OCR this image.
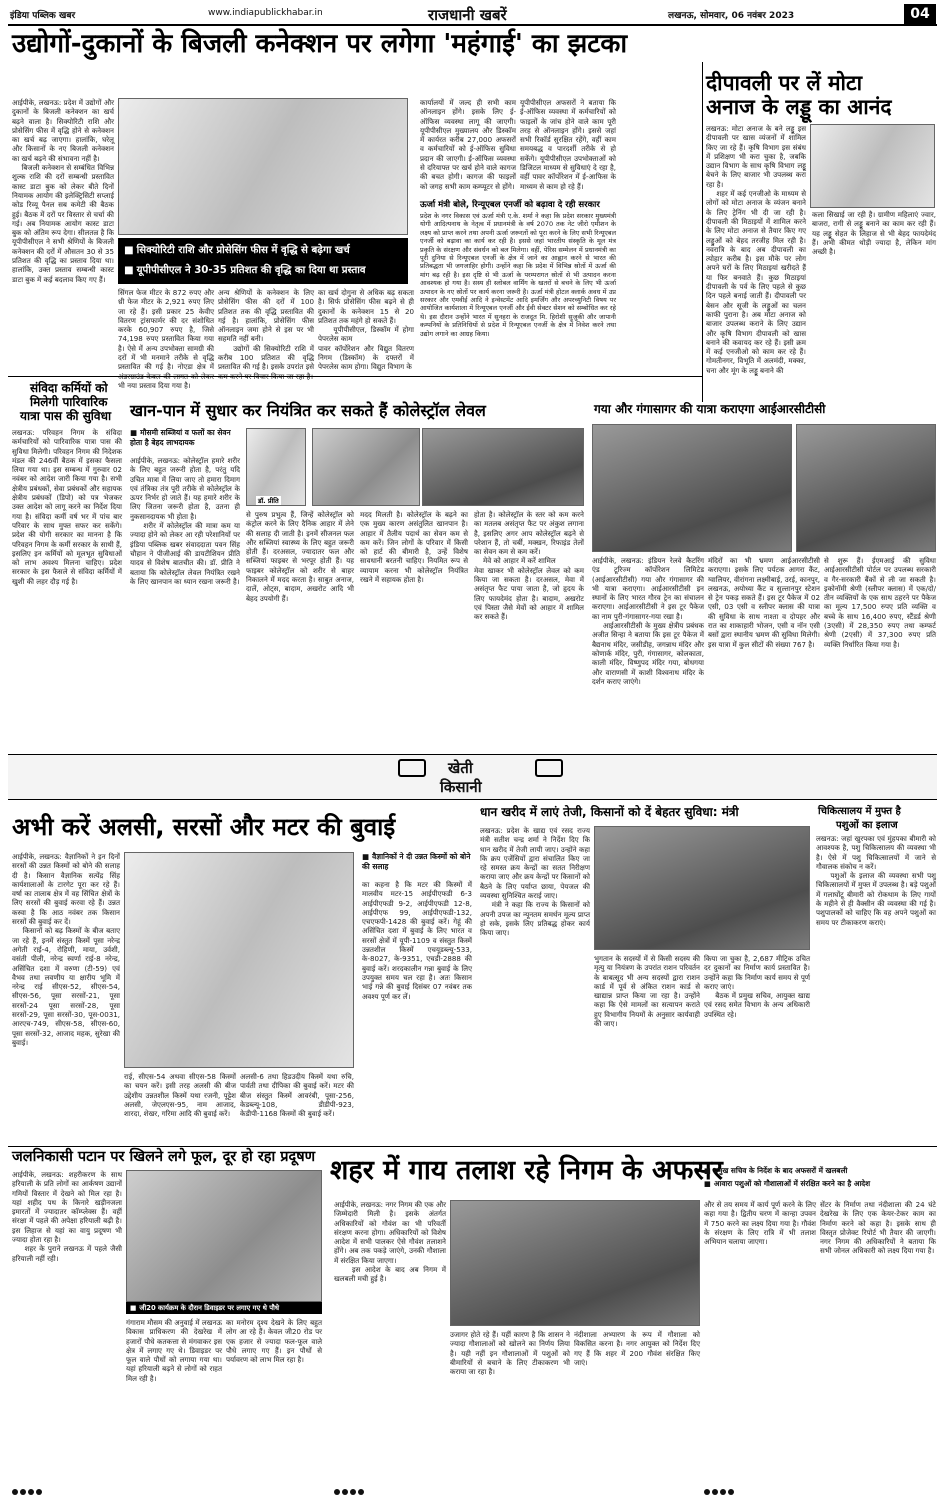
इंडिया पब्लिक खबर	www.indiapublickhabar.in	राजधानी खबरें	लखनऊ, सोमवार, 06 नवंबर 2023	04
उद्योगों-दुकानों के बिजली कनेक्शन पर लगेगा 'महंगाई' का झटका
आईपीके, लखनऊ: प्रदेश में उद्योगों और दुकानों के बिजली कनेक्शन का खर्च बढ़ने वाला है। सिक्योरिटी राशि और प्रोसेसिंग फीस में वृद्धि होने से कनेक्शन का खर्च बढ़ जाएगा। हालांकि, घरेलू और किसानों के नए बिजली कनेक्शन का खर्च बढ़ने की संभावना नहीं है।
बिजली कनेक्शन से सम्बंधित विभिन्न शुल्क राशि की दरों सम्बन्धी प्रस्तावित कास्ट डाटा बुक को लेकर बीते दिनों नियामक आयोग की इलेक्ट्रिसिटी सप्लाई कोड रिव्यू पैनल सब कमेटी की बैठक हुई। बैठक में दरों पर विस्तार से चर्चा की गई। अब नियामक आयोग कास्ट डाटा बुक को अंतिम रूप देगा। सीलतल्र है कि यूपीपीसीएल ने सभी श्रेणियों के बिजली कनेक्शन की दरों में औसतन 30 से 35 प्रतिशत की वृद्धि का प्रस्ताव दिया था। हालांकि, उक्त प्रस्ताव सम्बन्धी कास्ट डाटा बुक में कई बदलाव किए गए हैं।
■ सिक्योरिटी राशि और प्रोसेसिंग फीस में वृद्धि से बढ़ेगा खर्च
■ यूपीपीसीएल ने 30-35 प्रतिशत की वृद्धि का दिया था प्रस्ताव
सिंगल फेज मीटर के 872 रुपए और थ्री फेज मीटर के 2,921 रुपए लिए जा रहे हैं। इसी प्रकार 25 केवीए वितरण ट्रांसफार्मर की दर संशोधित करके 60,907 रुपए है, जिसे 74,198 रुपए प्रस्तावित किया गया है। ऐसे में अन्य उपभोक्ता सामग्री की दरों में भी मनमाने तरीके से वृद्धि प्रस्तावित की गई है। नोएडा क्षेत्र में       भी नया प्रस्ताव दिया गया है।
अन्य श्रेणियों के कनेक्शन के लिए प्रोसेसिंग फीस की दरों में 100 प्रतिशत तक की वृद्धि प्रस्तावित की गई है। हालांकि, प्रोसेसिंग फीस ऑनलाइन जमा होने से इस पर भी सहमति नहीं बनी।
उद्योगों की सिक्योरिटी राशि में करीब 100 प्रतिशत की वृद्धि प्रस्तावित की गई है। इसके उपरांत इसे
का खर्च दोगुना से अधिक बढ़ सकता है। सिर्फ प्रोसेसिंग फीस बढ़ने से ही दुकानों के कनेक्शन 15 से 20 प्रतिशत तक महंगे हो सकते हैं।
यूपीपीसीएल, डिस्कॉम में होगा पेपरलेस काम
पावर कॉर्पोरेशन और विद्युत वितरण निगम (डिस्कॉम) के दफ्तरों में पेपरलेस काम होगा। विद्युत विभाग के
कार्यालयों में जल्द ही सभी काम ऑनलाइन होंगे। इसके लिए ई-ऑफिस व्यवस्था लागू की जाएगी। यूपीपीसीएल मुख्यालय और डिस्कॉम में कार्यरत करीब 27,000 अफसरों व कर्मचारियों को ई-ऑफिस सुविधा प्रदान की जाएगी। ई-ऑफिस व्यवस्था से दरियाफ्त पर खर्च होने वाले कागज की बचत होगी। कागज की फाइलों को जगह सभी काम कम्प्यूटर से होंगे।
यूपीपीसीएल अफसरों ने बताया कि ई-ऑफिस व्यवस्था में कर्मचारियों को फाइलों के जांच होने वाले काम पूरी तरह से ऑनलाइन होंगे। इससे जहां सभी रिकॉर्ड सुरक्षित रहेंगे, वहीं काम समयबद्ध व पारदर्शी तरीके से हो सकेंगे। यूपीपीसीएल उपभोक्ताओं को डिजिटल माध्यम से सुविधाएं दे रहा है, वहीं पावर कॉर्पोरेशन में ई-आफिस के माध्यम से काम हो रहे हैं।
ऊर्जा मंत्री बोले, रिन्यूएबल एनर्जी को बढ़ावा दे रही सरकार
प्रदेश के नगर विकास एवं ऊर्जा मंत्री ए.के. शर्मा ने कहा कि प्रदेश सरकार मुख्यमंत्री योगी आदित्यनाथ के नेतृत्व में प्रधानमंत्री के वर्ष 2070 तक नेट जीरो एमीशन के लक्ष्य को प्राप्त करने तथा अपनी ऊर्जा जरूरतों को पूरा करने के लिए सभी रिन्यूएबल एनर्जी को बढ़ावा का कार्य कर रही है। इससे जहां भारतीय संस्कृति के मूल मंत्र प्रकृति के संरक्षण और संवर्धन को बल मिलेगा। वहीं, पेरिस सम्मेलन में प्रधानमंत्री का पूरी दुनिया से रिन्यूएबल एनर्जी के क्षेत्र में जाने का आह्वान करने से भारत की प्रतिबद्धता भी जगजाहिर होगी। उन्होंने कहा कि प्रदेश में विभिन्न स्रोतों में ऊर्जा की मांग बढ़ रही है। इस दृष्टि से भी ऊर्जा के परम्परागत स्रोतों से भी उत्पादन करना आवश्यक हो गया है। सस्य ही स्लोबल वार्मिंग के खतरों से बचने के लिए भी ऊर्जा उत्पादन के नए स्रोतों पर कार्य करना जरूरी है। ऊर्जा मंत्री होटल क्लार्क अवध में उप्र सरकार और एमवीई आदि ने इन्वेस्टमेंट आदि इमर्जिंग और अपरच्युनिटी विषय पर आयोजित कार्यशाला में रिन्यूएबल एनर्जी और ईवी सेक्टर सेशन को सम्बोधित कर रहे थे। इस दौरान उन्होंने भारत में सुनहरा के राजदूत मि. हिरोशी सुजुकी और जापानी कम्पनियों के प्रतिनिधियों से प्रदेश में रिन्यूएबल एनर्जी के क्षेत्र में निवेश करने तथा उद्योग लगाने का आग्रह किया।
दीपावली पर लें मोटा
अनाज के लड्डू का आनंद
लखनऊ: मोटा अनाज के बने लड्डू इस दीपावली पर खास व्यंजनों में शामिल किए जा रहे हैं। कृषि विभाग इस संबंध में प्रशिक्षण भी करा चुका है, जबकि उद्यान विभाग के साथ कृषि विभाग लड्डू बेचने के लिए बाजार भी उपलब्ध करा रहा है।
शहर में कई एनजीओ के माध्यम से लोगों को मोटा अनाज के व्यंजन बनाने के लिए ट्रेनिंग भी दी जा रही है। दीपावली की मिठाइयों में शामिल करने के लिए मोटा अनाज से तैयार किए गए लड्डुओं को बेहद तरजीह मिल रही है। नवरात्रि के बाद अब दीपावली का त्योहार करीब है। इस मौके पर लोग अपने घरों के लिए मिठाइयां खरीदते हैं या फिर बनवाते हैं। कुछ मिठाइयां दीपावली के पर्व के लिए पहले से कुछ दिन पहले बनाई जाती हैं। दीपावली पर बेसन और सूजी के लड्डुओं का चलन काफी पुराना है। अब मोटा अनाज को बाजार उपलब्ध कराने के लिए उद्यान और कृषि विभाग दीपावली को खास बनाने की कवायद कर रहे हैं। इसी क्रम में कई एनजीओ को काम कर रहे हैं। गोमतीनगर, विभूति में अलमंदी, मक्का, चना और मूंग के लड्डू बनाने की
कला सिखाई जा रही है। ग्रामीण महिलाएं ज्वार, बाजरा, रागी से लड्डू बनाने का काम कर रही हैं। यह लड्डू सेहत के लिहाज से भी बेहद फायदेमंद हैं। अभी कीमत थोड़ी ज्यादा है, लेकिन मांग अच्छी है।
संविदा कर्मियों को
मिलेगी पारिवारिक
यात्रा पास की सुविधा
लखनऊ: परिवहन निगम के संविदा कर्मचारियों को पारिवारिक यात्रा पास की सुविधा मिलेगी। परिवहन निगम की निदेशक मंडल की 246वीं बैठक में इसका फैसला लिया गया था। इस सम्बन्ध में गुरुवार 02 नवंबर को आदेश जारी किया गया है। सभी क्षेत्रीय प्रबंधकों, सेवा प्रबंधकों और सहायक क्षेत्रीय प्रबंधकों (डिपो) को पत्र भेजकर उक्त आदेश को लागू करने का निर्देश दिया गया है। संविदा कर्मी वर्ष भर में पांच बार परिवार के साथ मुफ्त सफर कर सकेंगे। प्रदेश की योगी सरकार का मानना है कि परिवहन निगम के कर्मी सरकार के साथी हैं, इसलिए इन कर्मियों को मूलभूत सुविधाओं को लाभ अवश्य मिलना चाहिए। प्रदेश सरकार के इस फैसले से संविदा कर्मियों में खुशी की लहर दौड़ गई है।
खान-पान में सुधार कर नियंत्रित कर सकते हैं कोलेस्ट्रॉल लेवल
■ मौसमी सब्जियां व फलों का सेवन होता है बेहद लाभदायक
डॉ. प्रीति
आईपीके, लखनऊ: कोलेस्ट्रॉल हमारे शरीर के लिए बहुत जरूरी होता है, परंतु यदि उचित मात्रा में लिया जाए तो हमारा दिमाग एवं तंत्रिका तंत्र पूरी तरीके से कोलेस्ट्रॉल के ऊपर निर्भर हो जाते हैं। यह हमारे शरीर के लिए जितना जरूरी होता है, उतना ही नुकसानदायक भी होता है।
शरीर में कोलेस्ट्रॉल की मात्रा कम या ज्यादा होने को लेकर आ रही परेशानियों पर इंडिया पब्लिक खबर संवाददाता पवन सिंह चौहान ने पीजीआई की डायटीशियन प्रीति यादव से विशेष बातचीत की। डॉ. प्रीति ने बताया कि कोलेस्ट्रॉल लेवल नियंत्रित रखने के लिए खानपान का ध्यान रखना जरूरी है।
से पुरुष प्रभुत्व हैं, जिन्हें कोलेस्ट्रॉल को कंट्रोल करने के लिए दैनिक आहार में लेने की सलाह दी जाती है। इनमें सीजनल फल और सब्जियां स्वास्थ्य के लिए बहुत जरूरी होती हैं। दरअसल, ज्यादातर फल और सब्जियां फाइबर से भरपूर होती हैं। यह फाइबर कोलेस्ट्रॉल को शरीर से बाहर निकालने में मदद करता है। साबुत अनाज, दालें, ओट्स, बादाम, अखरोट आदि भी बेहद उपयोगी हैं।
मदद मिलती है। कोलेस्ट्रॉल के बढ़ने का एक मुख्य कारण असंतुलित खानपान है। आहार में तैलीय पदार्थ का सेवन कम से कम करें। जिन लोगों के परिवार में किसी को हार्ट की बीमारी है, उन्हें विशेष सावधानी बरतनी चाहिए। नियमित रूप से व्यायाम करना भी कोलेस्ट्रॉल नियंत्रित रखने में सहायक होता है।
होता है। कोलेस्ट्रॉल के स्तर को कम करने का मतलब असंतृप्त फैट पर अंकुश लगाना है, इसलिए अगर आप कोलेस्ट्रॉल बढ़ने से परेशान हैं, तो चर्बी, मक्खन, रिफाइंड तेलों का सेवन कम से कम करें।
मेवे को आहार में करें शामिल
मेवा खाकर भी कोलेस्ट्रॉल लेवल को कम किया जा सकता है। दरअसल, मेवा में असंतृप्त फैट पाया जाता है, जो हृदय के लिए फायदेमंद होता है। बादाम, अखरोट एवं पिस्ता जैसे मेवों को आहार में शामिल कर सकते हैं।
गया और गंगासागर की यात्रा कराएगा आईआरसीटीसी
आईपीके, लखनऊ: इंडियन रेलवे कैटरिंग एंड टूरिज्म कॉर्पोरेशन लिमिटेड (आईआरसीटीसी) गया और गंगासागर की भी यात्रा कराएगा। आईआरसीटीसी इन स्थानों के लिए भारत गौरव ट्रेन का संचालन कराएगा। आईआरसीटीसी ने इस टूर पैकेज का नाम पुरी-गंगासागर-गया रखा है।
आईआरसीटीसी के मुख्य क्षेत्रीय प्रबंधक अजीत सिन्हा ने बताया कि इस टूर पैकेज में बैद्यनाथ मंदिर, जसीडीह, जगन्नाथ मंदिर और कोणार्क मंदिर, पुरी, गंगासागर, कोलकाता, काली मंदिर, विष्णुपद मंदिर गया, बोधगया और वाराणसी में काशी विश्वनाथ मंदिर के दर्शन कराए जाएंगे।
मंदिरों का भी भ्रमण आईआरसीटीसी कराएगा। इसके लिए पर्यटक आगरा कैंट, ग्वालियर, वीरांगना लक्ष्मीबाई, उरई, कानपुर, लखनऊ, अयोध्या कैंट व सुल्तानपुर स्टेशन से ट्रेन पकड़ सकते हैं। इस टूर पैकेज में 02 एसी, 03 एसी व स्लीपर क्लास की यात्रा की सुविधा के साथ नाश्ता व दोपहर और रात का शाकाहारी भोजन, एसी व नॉन एसी बसों द्वारा स्थानीय भ्रमण की सुविधा मिलेगी। इस यात्रा में कुल सीटों की संख्या 767 है।
से शुरू हैं। ईएमआई की सुविधा आईआरसीटीसी पोर्टल पर उपलब्ध सरकारी व गैर-सरकारी बैंकों से ली जा सकती है। इकोनॉमी श्रेणी (स्लीपर क्लास) में एक/दो/तीन व्यक्तियों के एक साथ ठहरने पर पैकेज का मूल्य 17,500 रुपए प्रति व्यक्ति व बच्चे के साथ 16,400 रुपए, स्टैंडर्ड श्रेणी (3एसी) में 28,350 रुपए तथा कम्फर्ट श्रेणी (2एसी) में 37,300 रुपए प्रति व्यक्ति निर्धारित किया गया है।
खेती
किसानी
अभी करें अलसी, सरसों और मटर की बुवाई
आईपीके, लखनऊ: वैज्ञानिकों ने इन दिनों सरसों की उन्नत किस्मों को बोने की सलाह दी है। किसान वैज्ञानिक सत्येंद्र सिंह कार्यशालाओं के टारगेट पूरा कर रहे हैं। वर्षा का तालाब क्षेत्र में वह सिंचित क्षेत्रों के लिए सरसों की बुवाई करवा रहे हैं। उन्नत कस्वा है कि आठ नवंबर तक किसान सरसों की बुवाई कर दें।
किसानों को बढ़ किस्मों के बीज बताए जा रहे हैं, इनमें संस्तुत किस्में पूसा नरेन्द्र अगेती राई-4, रोहिणी, माया, उर्वशी, वसंती पीली, नरेन्द्र स्वर्णा राई-8 नरेन्द्र, असिंचित दशा में वरुणा (टी-59) एवं वैभव तथा लवणीय या क्षारीय भूमि में नरेन्द्र राई सीएस-52, सीएस-54, सीएस-56, पूसा सरसों-21, पूसा सरसों-24 पूसा सरसों-28, पूसा सरसों-29, पूसा सरसों-30, पूस-0031, आरएच-749, सीएस-58, सीएस-60, पूसा सरसों-32, आजाद महक, सुरेखा की बुवाई।
■ वैज्ञानिकों ने दी उन्नत किस्मों को बोने की सलाह
का कहना है कि मटर की किस्मों में मालवीय मटर-15 आईपीएफडी 6-3 आईपीएफडी 9-2, आईपीएफडी 12-8, आईपीएफ 99, आईपीएफडी-132, एचएफपी-1428 की बुवाई करें। गेहूं की असिंचित दशा में बुवाई के लिए भारत व सरसों क्षेत्रों में यूपी-1109 व संस्तुत किस्में उन्नतशील किस्में एचयूडब्ल्यू-533, के-8027, के-9351, एचडी-2888 की बुवाई करें। शरदकालीन गन्ना बुवाई के लिए उपयुक्त समय चल रहा है। अतः किसान भाई गन्ने की बुवाई दिसंबर 07 नवंबर तक अवश्य पूर्ण कर लें।
राई, सीएस-54 अथवा सीएस-58 किस्मों का चयन करें। इसी तरह अलसी की बीज उद्देशीय उन्नतशील किस्में यथा रजनी, पूट्टेश अलसी, जेएलएस-95, नाम आजाद, शारदा, शेखर, गरिमा आदि की बुवाई करें।
अलसी-6 तथा हिडउदीय किस्में यथा रुचि, पार्वती तथा दीपिका की बुवाई करें। मटर की बीज संस्तुत किस्में आवरंबी, पूसा-256, केडब्ल्यू-108, डीडीपी-923, केडीपी-1168 किस्मों की बुवाई करें।
धान खरीद में लाएं तेजी, किसानों को दें बेहतर सुविधा: मंत्री
लखनऊ: प्रदेश के खाद्य एवं रसद राज्य मंत्री सतीश चन्द्र शर्मा ने निर्देश दिए कि धान खरीद में तेजी लायी जाए। उन्होंने कहा कि क्रय एजेंसियों द्वारा संचालित किए जा रहे समस्त क्रय केन्द्रों का सतत निरीक्षण कराया जाए और क्रय केन्द्रों पर किसानों को बैठने के लिए पर्याप्त छाया, पेयजल की व्यवस्था सुनिश्चित कराई जाए।
मंत्री ने कहा कि राज्य के किसानों को अपनी उपज का न्यूनतम समर्थन मूल्य प्राप्त हो सके, इसके लिए प्रतिबद्ध होकर कार्य किया जाए।
भुगतान के सदस्यों में से किसी सदस्य की मृत्यु या नियंत्रण के उपरांत राशन परिवर्तन के बाबत्सूद भी अन्य सदस्यों द्वारा राशन कार्ड में पूर्व से अंकित राशन कार्ड से खाद्यान्न प्राप्त किया जा रहा है। उन्होंने कहा कि ऐसे मामलों का सत्यापन कराते हुए विभागीय नियमों के अनुसार कार्यवाही की जाए।
किया जा चुका है, 2,687 मीट्रिक उचित दर दुकानों का निर्माण कार्य प्रस्तावित है। उन्होंने कहा कि निर्माण कार्य समय से पूर्ण कराए जाएं।
बैठक में प्रमुख सचिव, आयुक्त खाद्य एवं रसद समेत विभाग के अन्य अधिकारी उपस्थित रहे।
चिकित्सालय में मुफ्त है
पशुओं का इलाज
लखनऊ: जहां खुरपका एवं मुंहपका बीमारी को आवश्यक है, पशु चिकित्सालय की व्यवस्था भी है। ऐसे में पशु चिकित्सालयों में जाने से गौवालक संकोच न करें।
पशुओं के इलाज की व्यवस्था सभी पशु चिकित्सालयों में मुफ्त में उपलब्ध है। बड़े पशुओं में गलाघोंटू बीमारी को रोकथाम के लिए गायों के महीने से ही वैक्सीन की व्यवस्था की गई है। पशुपालकों को चाहिए कि वह अपने पशुओं का समय पर टीकाकरण कराएं।
जलनिकासी पटान पर खिलने लगे फूल, दूर हो रहा प्रदूषण
आईपीके, लखनऊ: शहरीकरण के साथ हरियाली के प्रति लोगों का आर्कषण उद्यानों गमियों विस्तार में देखने को मिल रहा है। यहां शहीद पथ के किनारे खड़ीनजला इमारतों में ज्यादातर कॉम्प्लेक्स हैं। वहीं संरक्षा में पहले की अपेक्षा हरियाली बढ़ी है। इस लिहाज से यहां का वायु प्रदूषण भी ज्यादा होता रहा है।
शहर के पुराने लखनऊ में पहले जैसी हरियाली नहीं रही।
■ जी20 कार्यक्रम के दौरान डिवाइडर पर लगाए गए थे पौधे
गंगाराम मौसम की अनुवाई में लखनऊ विकास प्राधिकरण की देखरेख में हजारों पौधे कतकत्ता से मंगवाकर इस क्षेत्र में लगाए गए थे। डिवाइडर पर फूल वाले पौधों को लगाया गया था। यहां हरियाली बढ़ने से लोगों को राहत मिल रही है।
का मनोरम दृश्य देखने के लिए बहुत लोग आ रहे हैं। केवल जी20 रोड पर एक हजार से ज्यादा फल-फूल वाले पौधे लगाए गए हैं। इन पौधों से पर्यावरण को लाभ मिल रहा है।
शहर में गाय तलाश रहे निगम के अफसर
आईपीके, लखनऊ: नगर निगम की एक और जिम्मेदारी मिली है। इसके अंतर्गत अधिकारियों को गौवंश का भी परिवर्ती संरक्षण करना होगा। अधिकारियों को विशेष आदेश में सभी पालकर ऐसे गौवंश तलाशने होंगे। अब तक पकड़े जाएंगे, उनकी गौशाला में संरक्षित किया जाएगा।
इस आदेश के बाद अब निगम में खलबली मची हुई है।
उजागर होते रहे हैं। यहीं कारण है कि शासन ने ज्यादा गौशालाओं को खोलने का निर्णय लिया है। यही नहीं इन गौशालाओं में पशुओं को बीमारियों से बचाने के लिए टीकाकरण भी कराया जा रहा है।
नंदीशाला अभ्यारण के रूप में गौशाला को विकसित करना है। नगर आयुक्त को निर्देश दिए गए हैं कि शहर में 200 गौवंश संरक्षित किए जाएं।
■ प्रमुख सचिव के निर्देश के बाद अफसरों में खलबली
■ आवारा पशुओं को गौशालाओं में संरक्षित करने का है आदेश
और से तय समय में कार्य पूर्ण करने के लिए कहा गया है। द्वितीय चरण में कान्हा उपवन में 750 करने का लक्ष्य दिया गया है। गौवंश के संरक्षण के लिए रात्रि में भी तलाश अभियान चलाया जाएगा।
सेंटर के निर्माण तथा नंदीशाला की 24 घंटे देखरेख के लिए एक केयर-टेकर काम का निर्माण करने को कहा है। इसके साथ ही विस्तृत प्रोजेक्ट रिपोर्ट भी तैयार की जाएगी। नगर निगम की अधिकारियों ने बताया कि सभी जोनल अधिकारी को लक्ष्य दिया गया है।
